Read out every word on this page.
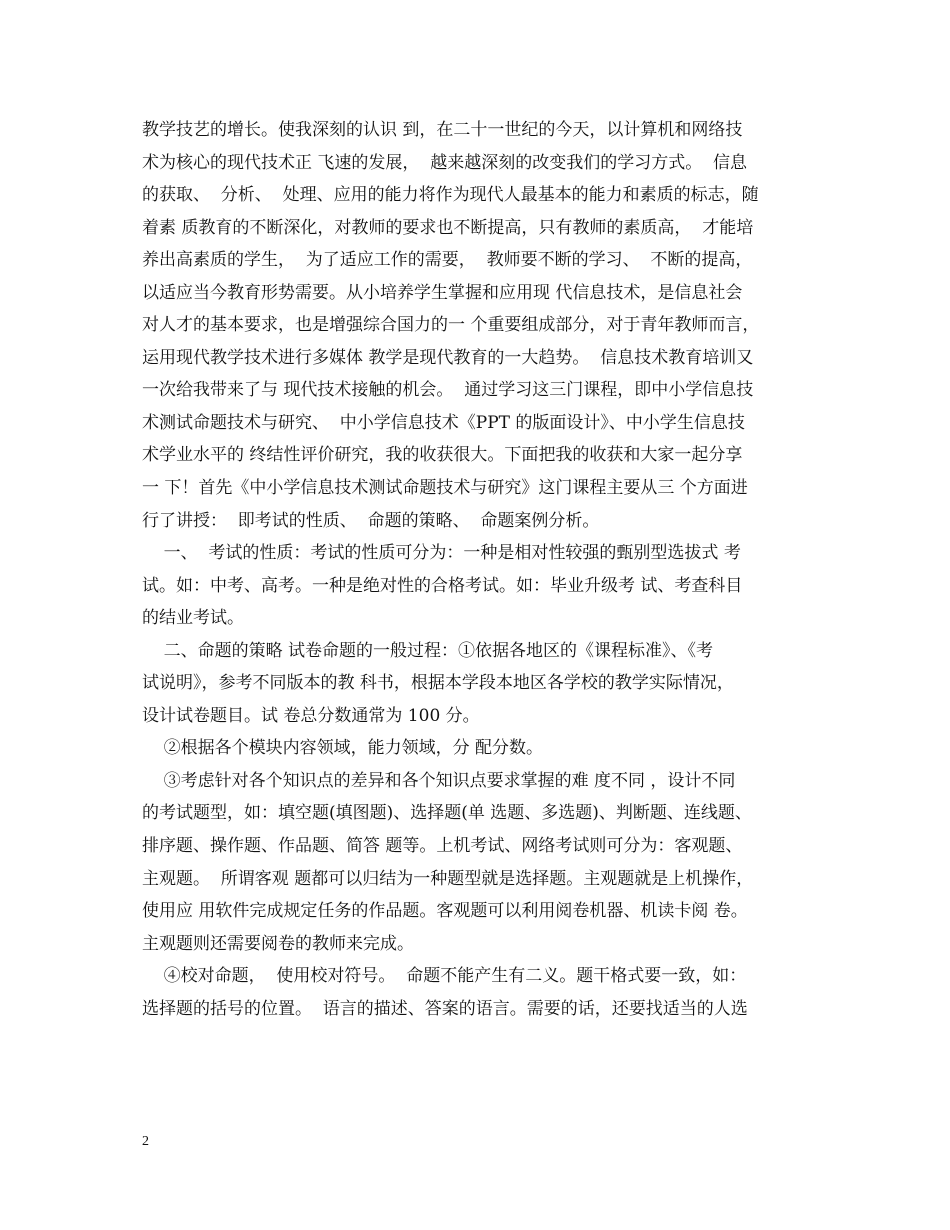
教学技艺的增长。使我深刻的认识 到，在二十一世纪的今天，以计算机和网络技
术为核心的现代技术正 飞速的发展，  越来越深刻的改变我们的学习方式。  信息
的获取、  分析、  处理、应用的能力将作为现代人最基本的能力和素质的标志，随
着素 质教育的不断深化，对教师的要求也不断提高，只有教师的素质高，  才能培
养出高素质的学生，  为了适应工作的需要，  教师要不断的学习、  不断的提高，
以适应当今教育形势需要。从小培养学生掌握和应用现 代信息技术，是信息社会
对人才的基本要求，也是增强综合国力的一 个重要组成部分，对于青年教师而言，
运用现代教学技术进行多媒体 教学是现代教育的一大趋势。  信息技术教育培训又
一次给我带来了与 现代技术接触的机会。  通过学习这三门课程，即中小学信息技
术测试命题技术与研究、  中小学信息技术《PPT 的版面设计》、中小学生信息技
术学业水平的 终结性评价研究，我的收获很大。下面把我的收获和大家一起分享
一 下！首先《中小学信息技术测试命题技术与研究》这门课程主要从三 个方面进
行了讲授：  即考试的性质、  命题的策略、  命题案例分析。
一、  考试的性质：考试的性质可分为：一种是相对性较强的甄别型选拔式 考
试。如：中考、高考。一种是绝对性的合格考试。如：毕业升级考 试、考查科目
的结业考试。
二、命题的策略 试卷命题的一般过程：①依据各地区的《课程标准》、《考
试说明》，参考不同版本的教 科书，根据本学段本地区各学校的教学实际情况，
设计试卷题目。试 卷总分数通常为 100 分。
②根据各个模块内容领域，能力领域，分 配分数。
③考虑针对各个知识点的差异和各个知识点要求掌握的难 度不同 ，设计不同
的考试题型，如：填空题(填图题)、选择题(单 选题、多选题)、判断题、连线题、
排序题、操作题、作品题、简答 题等。上机考试、网络考试则可分为：客观题、
主观题。  所谓客观 题都可以归结为一种题型就是选择题。主观题就是上机操作，
使用应 用软件完成规定任务的作品题。客观题可以利用阅卷机器、机读卡阅 卷。
主观题则还需要阅卷的教师来完成。
④校对命题，  使用校对符号。  命题不能产生有二义。题干格式要一致，如：
选择题的括号的位置。  语言的描述、答案的语言。需要的话，还要找适当的人选
2
